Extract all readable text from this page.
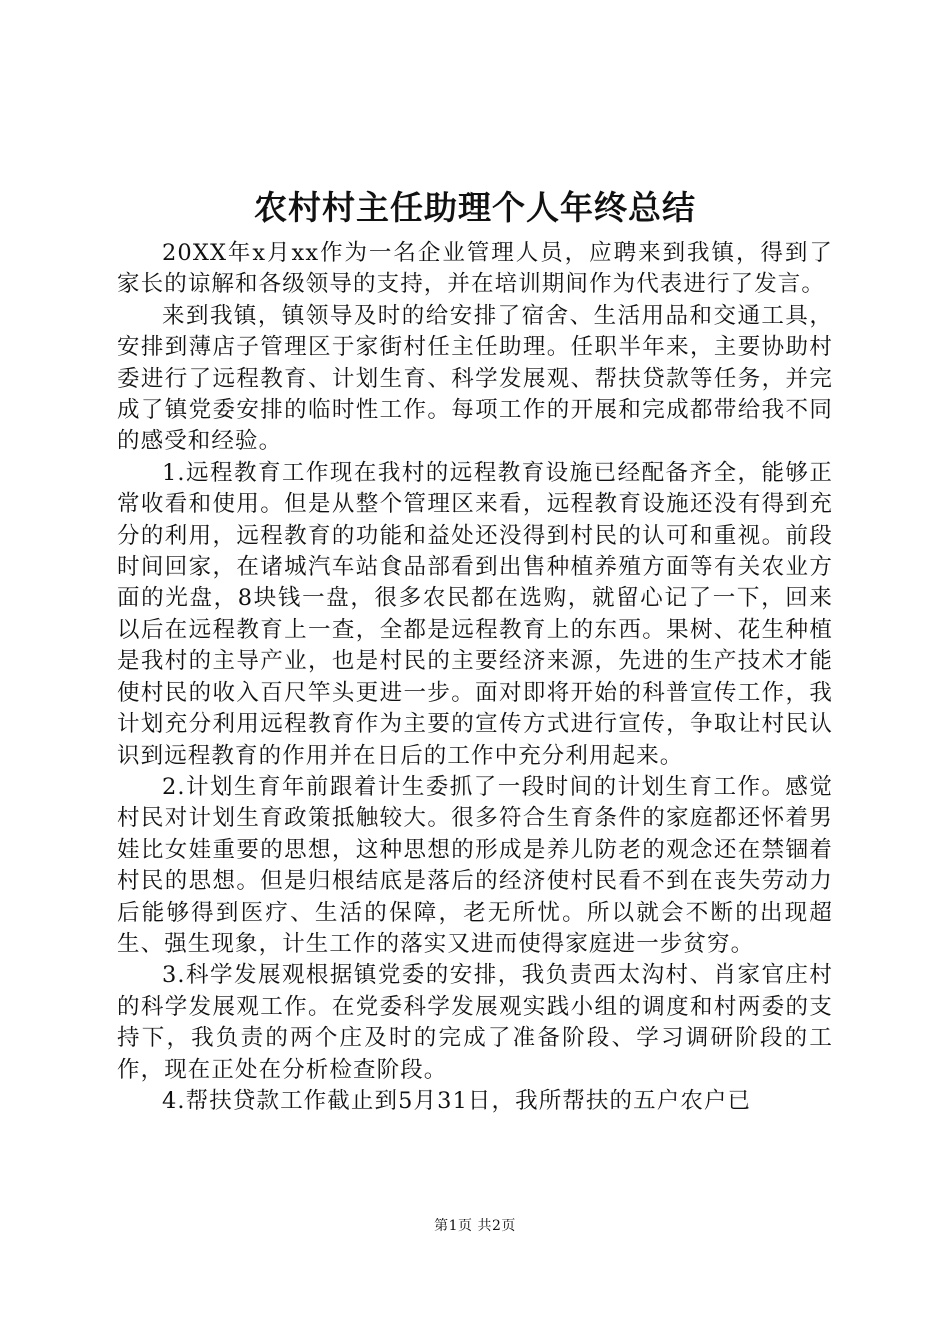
农村村主任助理个人年终总结

20XX年x月xx作为一名企业管理人员，应聘来到我镇，得到了家长的谅解和各级领导的支持，并在培训期间作为代表进行了发言。

来到我镇，镇领导及时的给安排了宿舍、生活用品和交通工具，安排到薄店子管理区于家街村任主任助理。任职半年来，主要协助村委进行了远程教育、计划生育、科学发展观、帮扶贷款等任务，并完成了镇党委安排的临时性工作。每项工作的开展和完成都带给我不同的感受和经验。

1.远程教育工作现在我村的远程教育设施已经配备齐全，能够正常收看和使用。但是从整个管理区来看，远程教育设施还没有得到充分的利用，远程教育的功能和益处还没得到村民的认可和重视。前段时间回家，在诸城汽车站食品部看到出售种植养殖方面等有关农业方面的光盘，8块钱一盘，很多农民都在选购，就留心记了一下，回来以后在远程教育上一查，全都是远程教育上的东西。果树、花生种植是我村的主导产业，也是村民的主要经济来源，先进的生产技术才能使村民的收入百尺竿头更进一步。面对即将开始的科普宣传工作，我计划充分利用远程教育作为主要的宣传方式进行宣传，争取让村民认识到远程教育的作用并在日后的工作中充分利用起来。

2.计划生育年前跟着计生委抓了一段时间的计划生育工作。感觉村民对计划生育政策抵触较大。很多符合生育条件的家庭都还怀着男娃比女娃重要的思想，这种思想的形成是养儿防老的观念还在禁锢着村民的思想。但是归根结底是落后的经济使村民看不到在丧失劳动力后能够得到医疗、生活的保障，老无所忧。所以就会不断的出现超生、强生现象，计生工作的落实又进而使得家庭进一步贫穷。

3.科学发展观根据镇党委的安排，我负责西太沟村、肖家官庄村的科学发展观工作。在党委科学发展观实践小组的调度和村两委的支持下，我负责的两个庄及时的完成了准备阶段、学习调研阶段的工作，现在正处在分析检查阶段。

4.帮扶贷款工作截止到5月31日，我所帮扶的五户农户已

第1页 共2页
